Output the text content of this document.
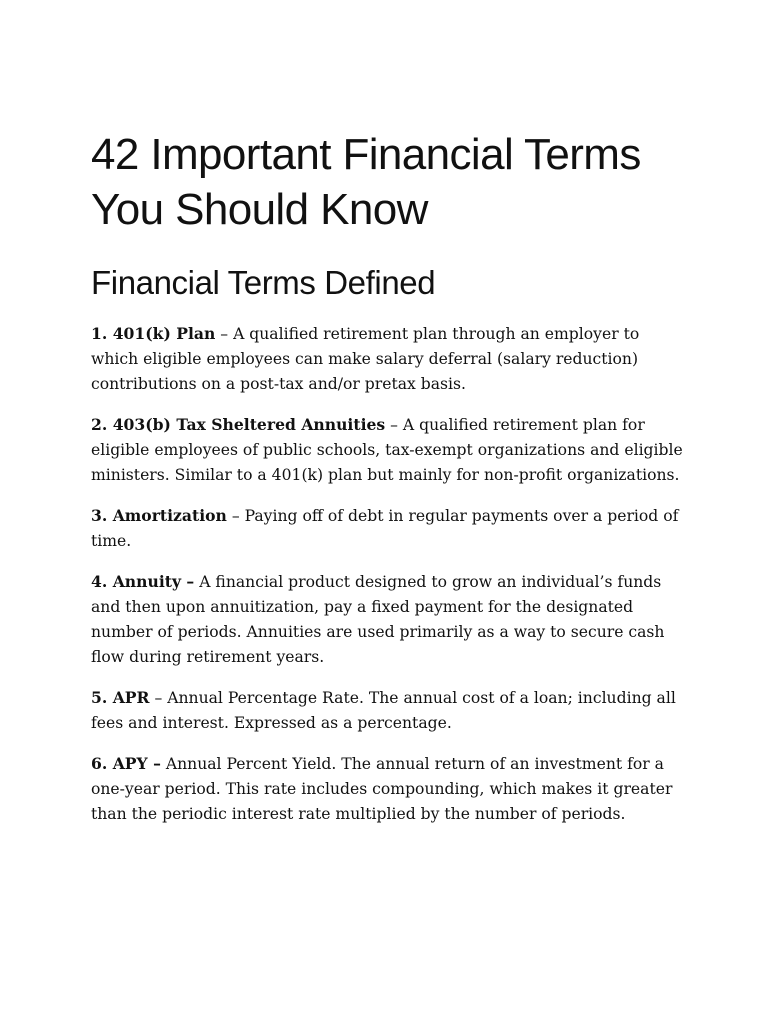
42 Important Financial Terms You Should Know
Financial Terms Defined

1. 401(k) Plan – A qualified retirement plan through an employer to which eligible employees can make salary deferral (salary reduction) contributions on a post-tax and/or pretax basis.

2. 403(b) Tax Sheltered Annuities – A qualified retirement plan for eligible employees of public schools, tax-exempt organizations and eligible ministers. Similar to a 401(k) plan but mainly for non-profit organizations.

3. Amortization – Paying off of debt in regular payments over a period of time.

4. Annuity – A financial product designed to grow an individual’s funds and then upon annuitization, pay a fixed payment for the designated number of periods. Annuities are used primarily as a way to secure cash flow during retirement years.

5. APR – Annual Percentage Rate. The annual cost of a loan; including all fees and interest. Expressed as a percentage.

6. APY – Annual Percent Yield. The annual return of an investment for a one-year period. This rate includes compounding, which makes it greater than the periodic interest rate multiplied by the number of periods.
